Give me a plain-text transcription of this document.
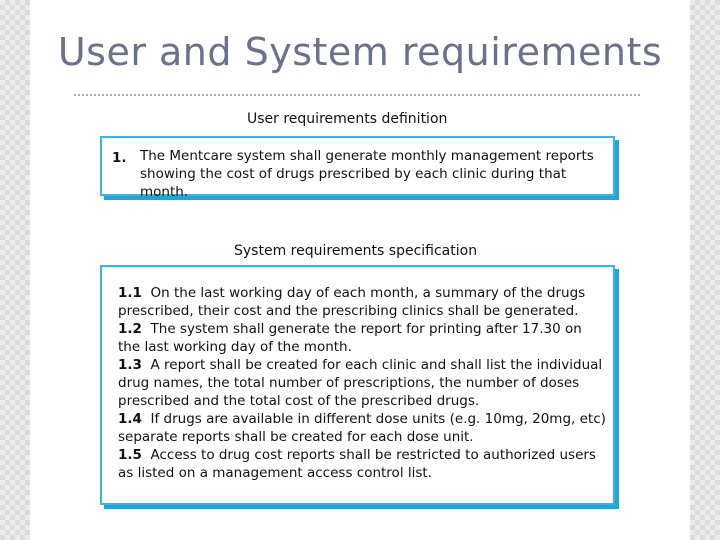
User and System requirements
User requirements definition
1. The Mentcare system shall generate monthly management reports showing the cost of drugs prescribed by each clinic during that month.
System requirements specification
1.1 On the last working day of each month, a summary of the drugs prescribed, their cost and the prescribing clinics shall be generated.
1.2 The system shall generate the report for printing after 17.30 on the last working day of the month.
1.3 A report shall be created for each clinic and shall list the individual drug names, the total number of prescriptions, the number of doses prescribed and the total cost of the prescribed drugs.
1.4 If drugs are available in different dose units (e.g. 10mg, 20mg, etc) separate reports shall be created for each dose unit.
1.5 Access to drug cost reports shall be restricted to authorized users as listed on a management access control list.
